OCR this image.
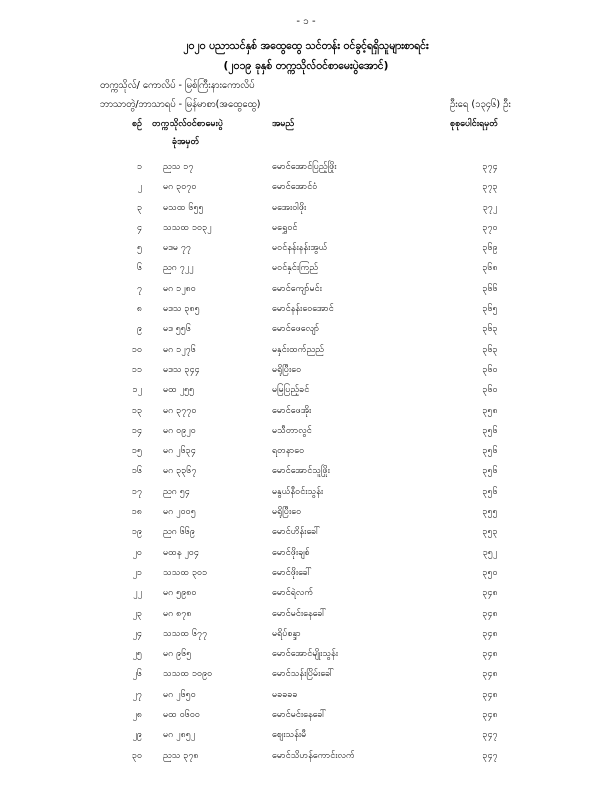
- ၁ -
၂၀၂၀ ပညာသင်နှစ် အထွေထွေ သင်တန်း ဝင်ခွင့်ရရှိသူများစာရင်း
(၂၀၁၉ ခုနှစ် တက္ကသိုလ်ဝင်စာမေးပွဲအောင်)
တက္ကသိုလ်/ ကောလိပ် - မြစ်ကြီးနားကောလိပ်
ဘာသာတွဲ/ဘာသာရပ် - မြန်မာစာ(အထွေထွေ)	ဦးရေ (၁၃၄၆) ဦး
စဉ် တက္ကသိုလ်ဝင်စာမေးပွဲ
ခုံအမှတ်
အမည်	စုစုပေါင်းရမှတ်
၁ ညသ ၁၇	မောင်အောင်ပြည့်ဖြိုး	၃၇၄
၂ မဂ ၃၀၇၀	မောင်အောင်ဝံ	၃၇၃
၃ မသထ ၆၅၅	မအေးဝါဖိုး	၃၇၂
၄ သသထ ၁၀၃၂	မရွှေဝင်	၃၇၀
၅ မဒမ ၇၇	မဝင်နန်းနန်းအွယ်	၃၆၉
၆ ညဂ ၇၂၂	မဝင်နှင်းကြည်	၃၆၈
၇ မဂ ၁၂၈၀	မောင်ကျော်မင်း	၃၆၆
၈ မဒသ ၃၈၅	မောင်နန်းဝေအောင်	၃၆၅
၉ မဒ ၅၅၆	မောင်ဖေလျော်	၃၆၃
၁၀ မဂ ၁၂၇၆	မနှင်းထက်ညည်	၃၆၃
၁၁ မဒသ ၃၄၄	မရိုပြီးဝေ	၃၆၀
၁၂ မထ ၂၅၅	မမြပြည့်ခင်	၃၆၀
၁၃ မဂ ၃၇၇၀	မောင်ဖေအိုး	၃၅၈
၁၄ မဂ ၀၉၂၀	မသီတာလွင်	၃၅၆
၁၅ မဂ ၂၆၃၄	ရတနာဝေ	၃၅၆
၁၆ မဂ ၃၃၆၇	မောင်အောင်သူဖြိုး	၃၅၆
၁၇ ညဂ ၅၄	မနွယ်နီဝင်းသွန်း	၃၅၆
၁၈ မဂ ၂၀၀၅	မရိုပြီးဝေ	၃၅၅
၁၉ ညဂ ၆၆၉	မောင်ဟိန်းခေါ်	၃၅၃
၂၀ မထန ၂၀၄	မောင်ဖိုးချစ်	၃၅၂
၂၁ သသထ ၃၀၁	မောင်ဖိုးခေါ်	၃၅၀
၂၂ မဂ ၅၉၈၀	မောင်ရဲလက်	၃၄၈
၂၃ မဂ ၈၇၈	မောင်မင်းနေခေါ်	၃၄၈
၂၄ သသထ ၆၇၇	မရိပ်စန္ဒာ	၃၄၈
၂၅ မဂ ၉၆၅	မောင်အောင်မျိုးသွန်း	၃၄၈
၂၆ သသထ ၁၀၉၀	မောင်သန်းပြိမ်းခေါ်	၃၄၈
၂၇ မဂ ၂၆၅၀	မခခခခ	၃၄၈
၂၈ မထ ၀၆၀၀	မောင်မင်းနေခေါ်	၃၄၈
၂၉ မဂ ၂၈၅၂	ဈေးသန်းမီ	၃၄၇
၃၀ ညသ ၃၇၈	မောင်သိဟန်ကောင်းလက်	၃၄၇
